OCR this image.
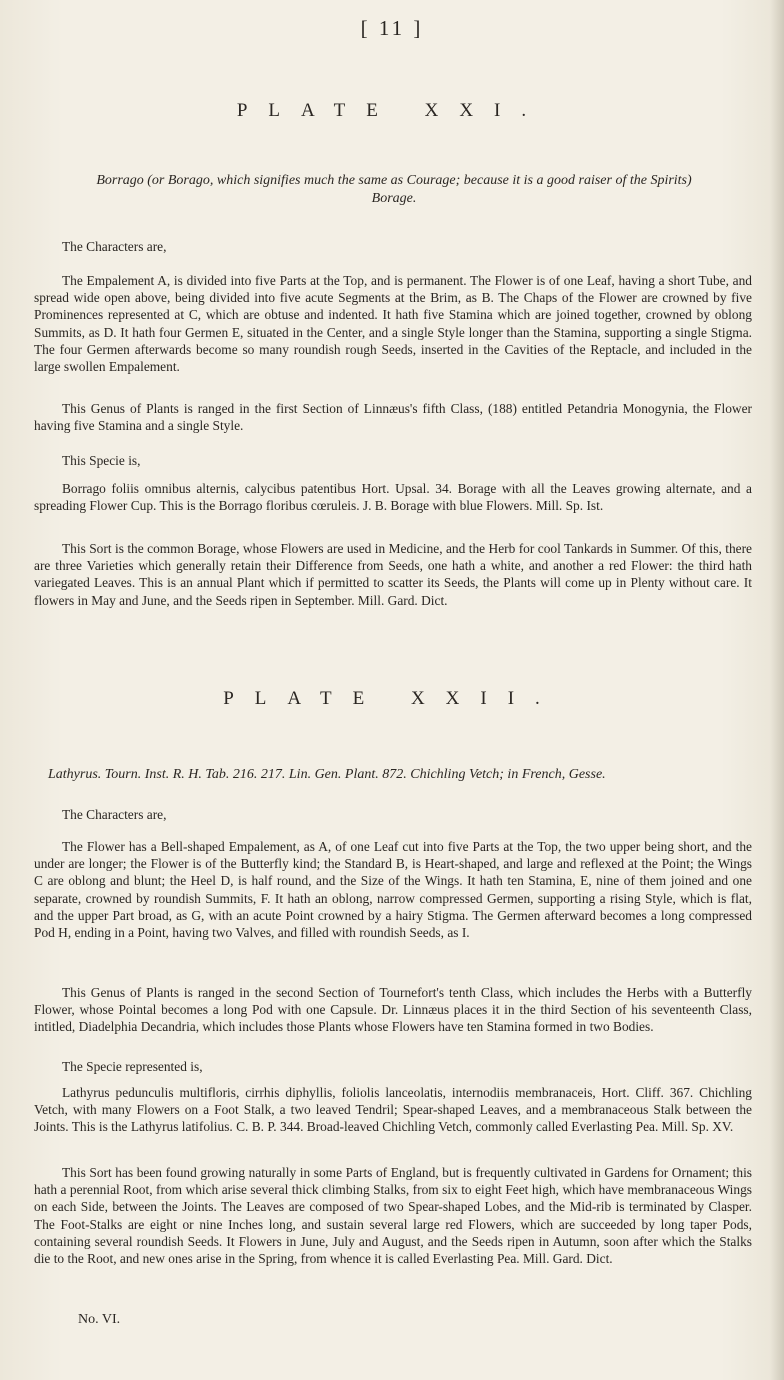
[ 11 ]
PLATE XXI.
Borrago (or Borago, which signifies much the same as Courage; because it is a good raiser of the Spirits)
Borage.
The Characters are,
The Empalement A, is divided into five Parts at the Top, and is permanent. The Flower is of one Leaf, having a short Tube, and spread wide open above, being divided into five acute Segments at the Brim, as B. The Chaps of the Flower are crowned by five Prominences represented at C, which are obtuse and indented. It hath five Stamina which are joined together, crowned by oblong Summits, as D. It hath four Germen E, situated in the Center, and a single Style longer than the Stamina, supporting a single Stigma. The four Germen afterwards become so many roundish rough Seeds, inserted in the Cavities of the Reptacle, and included in the large swollen Empalement.
This Genus of Plants is ranged in the first Section of Linnæus's fifth Class, (188) entitled Petandria Monogynia, the Flower having five Stamina and a single Style.
This Specie is,
Borrago foliis omnibus alternis, calycibus patentibus Hort. Upsal. 34. Borage with all the Leaves growing alternate, and a spreading Flower Cup. This is the Borrago floribus cœruleis. J. B. Borage with blue Flowers. Mill. Sp. Ist.
This Sort is the common Borage, whose Flowers are used in Medicine, and the Herb for cool Tankards in Summer. Of this, there are three Varieties which generally retain their Difference from Seeds, one hath a white, and another a red Flower: the third hath variegated Leaves. This is an annual Plant which if permitted to scatter its Seeds, the Plants will come up in Plenty without care. It flowers in May and June, and the Seeds ripen in September. Mill. Gard. Dict.
PLATE XXII.
Lathyrus. Tourn. Inst. R. H. Tab. 216. 217. Lin. Gen. Plant. 872. Chichling Vetch; in French, Gesse.
The Characters are,
The Flower has a Bell-shaped Empalement, as A, of one Leaf cut into five Parts at the Top, the two upper being short, and the under are longer; the Flower is of the Butterfly kind; the Standard B, is Heart-shaped, and large and reflexed at the Point; the Wings C are oblong and blunt; the Heel D, is half round, and the Size of the Wings. It hath ten Stamina, E, nine of them joined and one separate, crowned by roundish Summits, F. It hath an oblong, narrow compressed Germen, supporting a rising Style, which is flat, and the upper Part broad, as G, with an acute Point crowned by a hairy Stigma. The Germen afterward becomes a long compressed Pod H, ending in a Point, having two Valves, and filled with roundish Seeds, as I.
This Genus of Plants is ranged in the second Section of Tournefort's tenth Class, which includes the Herbs with a Butterfly Flower, whose Pointal becomes a long Pod with one Capsule. Dr. Linnæus places it in the third Section of his seventeenth Class, intitled, Diadelphia Decandria, which includes those Plants whose Flowers have ten Stamina formed in two Bodies.
The Specie represented is,
Lathyrus pedunculis multifloris, cirrhis diphyllis, foliolis lanceolatis, internodiis membranaceis, Hort. Cliff. 367. Chichling Vetch, with many Flowers on a Foot Stalk, a two leaved Tendril; Spear-shaped Leaves, and a membranaceous Stalk between the Joints. This is the Lathyrus latifolius. C. B. P. 344. Broad-leaved Chichling Vetch, commonly called Everlasting Pea. Mill. Sp. XV.
This Sort has been found growing naturally in some Parts of England, but is frequently cultivated in Gardens for Ornament; this hath a perennial Root, from which arise several thick climbing Stalks, from six to eight Feet high, which have membranaceous Wings on each Side, between the Joints. The Leaves are composed of two Spear-shaped Lobes, and the Mid-rib is terminated by Clasper. The Foot-Stalks are eight or nine Inches long, and sustain several large red Flowers, which are succeeded by long taper Pods, containing several roundish Seeds. It Flowers in June, July and August, and the Seeds ripen in Autumn, soon after which the Stalks die to the Root, and new ones arise in the Spring, from whence it is called Everlasting Pea. Mill. Gard. Dict.
No. VI.
